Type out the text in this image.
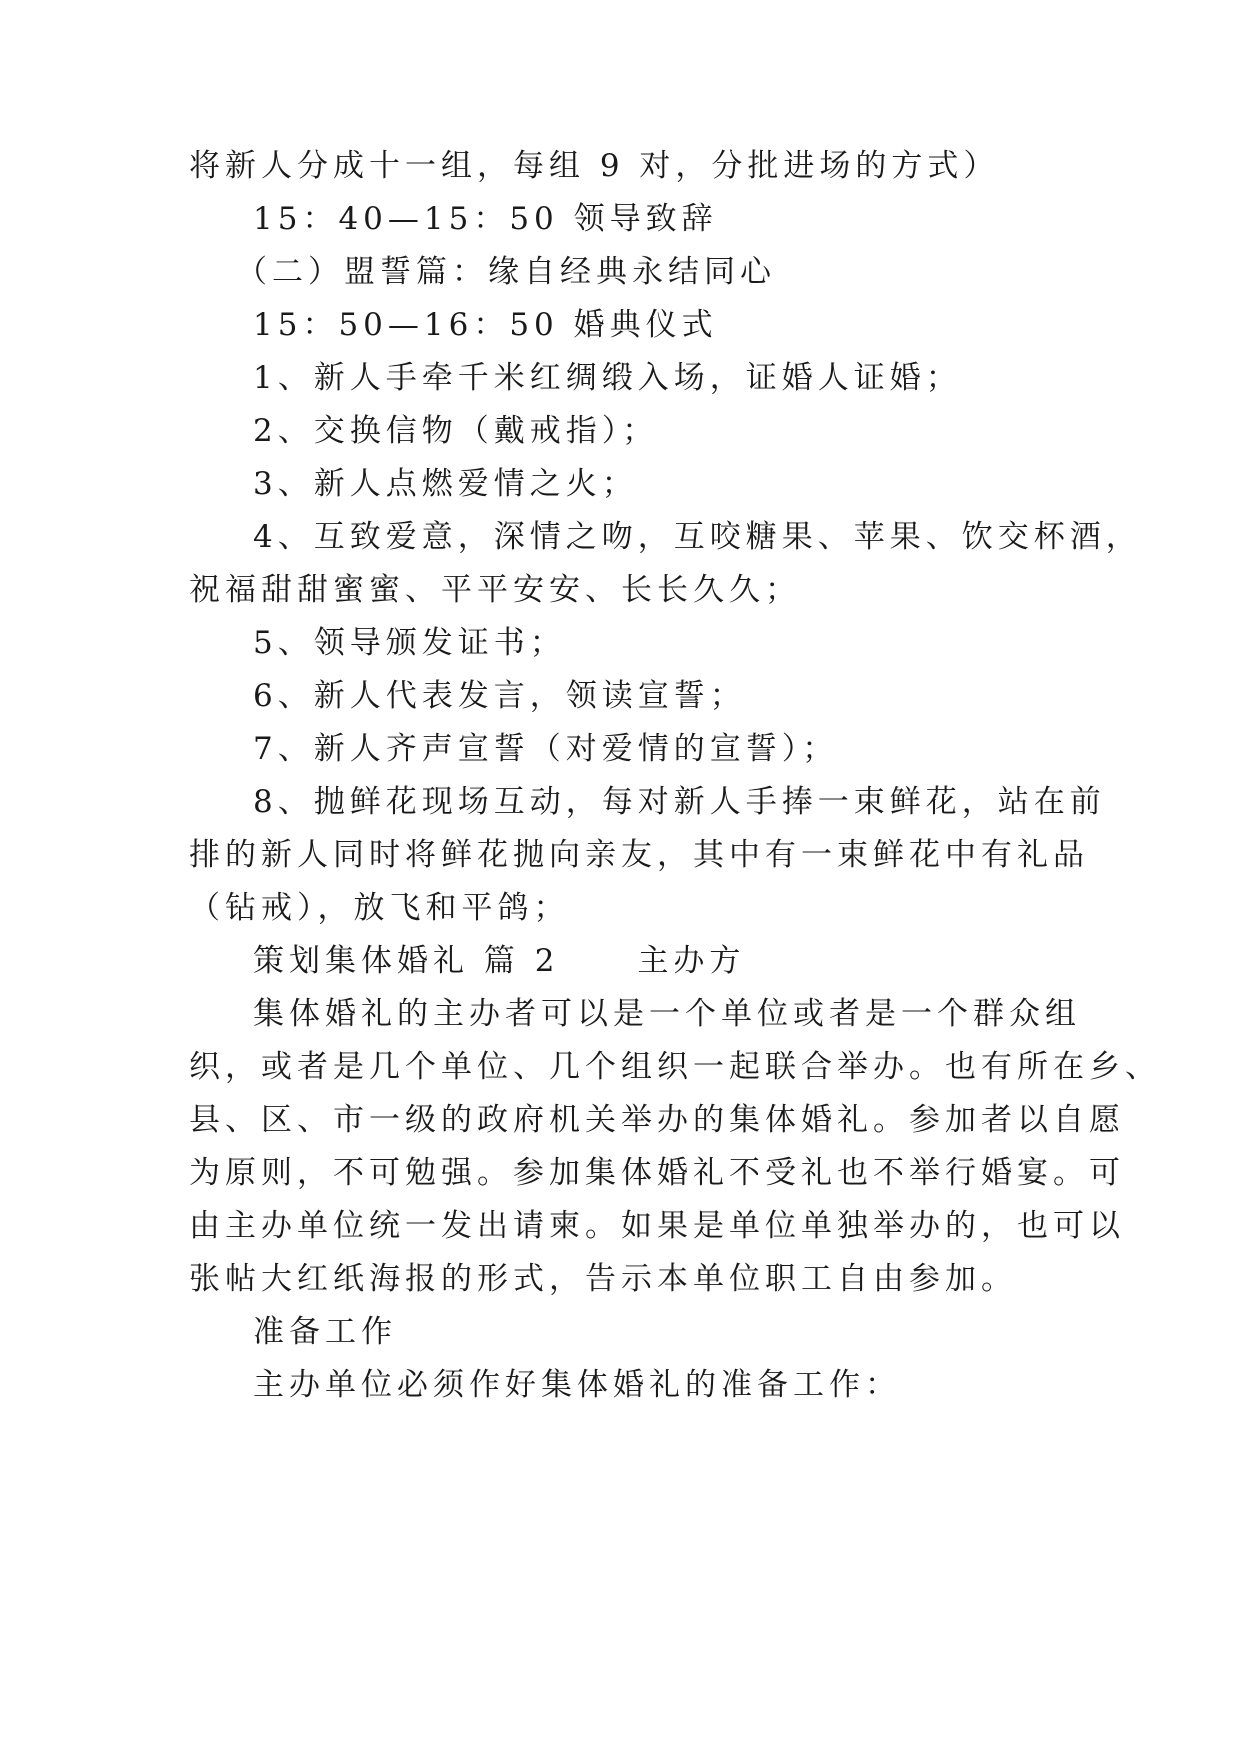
将新人分成十一组，每组 9 对，分批进场的方式）
15：40—15：50 领导致辞
（二）盟誓篇：缘自经典永结同心
15：50—16：50 婚典仪式
1、新人手牵千米红绸缎入场，证婚人证婚；
2、交换信物（戴戒指）；
3、新人点燃爱情之火；
4、互致爱意，深情之吻，互咬糖果、苹果、饮交杯酒，
祝福甜甜蜜蜜、平平安安、长长久久；
5、领导颁发证书；
6、新人代表发言，领读宣誓；
7、新人齐声宣誓（对爱情的宣誓）；
8、抛鲜花现场互动，每对新人手捧一束鲜花，站在前
排的新人同时将鲜花抛向亲友，其中有一束鲜花中有礼品
（钻戒），放飞和平鸽；
策划集体婚礼 篇 2	主办方
集体婚礼的主办者可以是一个单位或者是一个群众组
织，或者是几个单位、几个组织一起联合举办。也有所在乡、
县、区、市一级的政府机关举办的集体婚礼。参加者以自愿
为原则，不可勉强。参加集体婚礼不受礼也不举行婚宴。可
由主办单位统一发出请柬。如果是单位单独举办的，也可以
张帖大红纸海报的形式，告示本单位职工自由参加。
准备工作
主办单位必须作好集体婚礼的准备工作：
